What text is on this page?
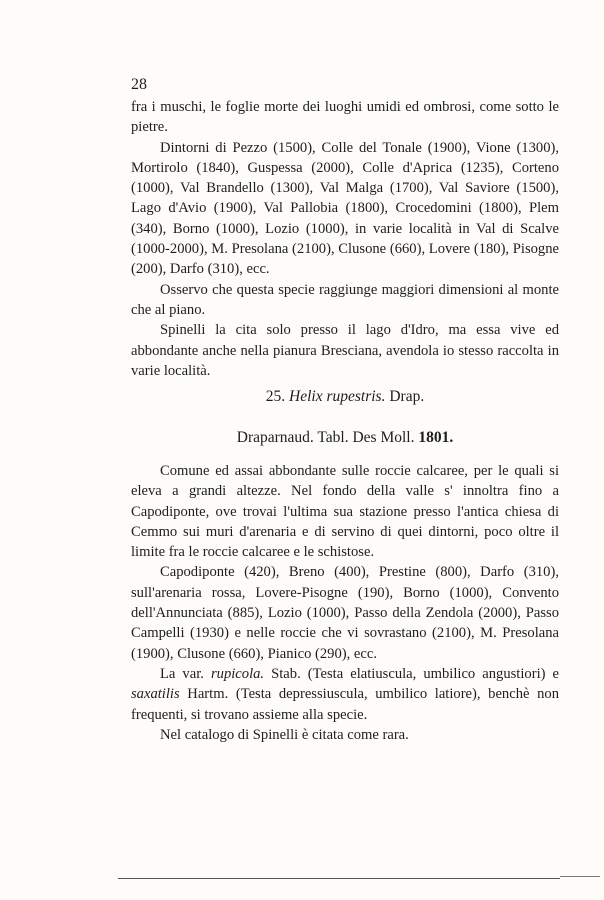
28

fra i muschi, le foglie morte dei luoghi umidi ed ombrosi, come sotto le pietre.

Dintorni di Pezzo (1500), Colle del Tonale (1900), Vione (1300), Mortirolo (1840), Guspessa (2000), Colle d'Aprica (1235), Corteno (1000), Val Brandello (1300), Val Malga (1700), Val Saviore (1500), Lago d'Avio (1900), Val Pallobia (1800), Crocedomini (1800), Plem (340), Borno (1000), Lozio (1000), in varie località in Val di Scalve (1000-2000), M. Presolana (2100), Clusone (660), Lovere (180), Pisogne (200), Darfo (310), ecc.

Osservo che questa specie raggiunge maggiori dimensioni al monte che al piano.

Spinelli la cita solo presso il lago d'Idro, ma essa vive ed abbondante anche nella pianura Bresciana, avendola io stesso raccolta in varie località.

25. Helix rupestris. Drap.

Draparnaud. Tabl. Des Moll. 1801.

Comune ed assai abbondante sulle roccie calcaree, per le quali si eleva a grandi altezze. Nel fondo della valle s' innoltra fino a Capodiponte, ove trovai l'ultima sua stazione presso l'antica chiesa di Cemmo sui muri d'arenaria e di servino di quei dintorni, poco oltre il limite fra le roccie calcaree e le schistose.

Capodiponte (420), Breno (400), Prestine (800), Darfo (310), sull'arenaria rossa, Lovere-Pisogne (190), Borno (1000), Convento dell'Annunciata (885), Lozio (1000), Passo della Zendola (2000), Passo Campelli (1930) e nelle roccie che vi sovrastano (2100), M. Presolana (1900), Clusone (660), Pianico (290), ecc.

La var. rupicola. Stab. (Testa elatiuscula, umbilico angustiori) e saxatilis Hartm. (Testa depressiuscula, umbilico latiore), benchè non frequenti, si trovano assieme alla specie.

Nel catalogo di Spinelli è citata come rara.
